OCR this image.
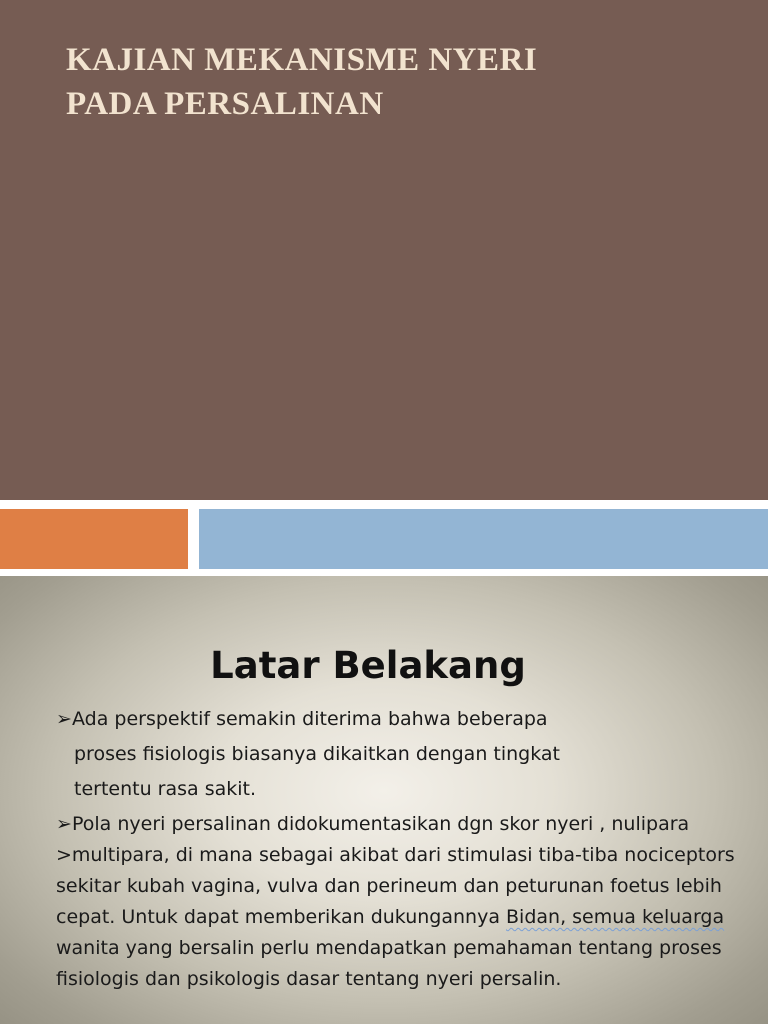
KAJIAN MEKANISME NYERI
PADA PERSALINAN
Latar Belakang
➢Ada perspektif semakin diterima bahwa beberapa
proses fisiologis biasanya dikaitkan dengan tingkat
tertentu rasa sakit.
➢Pola nyeri persalinan didokumentasikan dgn skor nyeri , nulipara >multipara, di mana sebagai akibat dari stimulasi tiba-tiba nociceptors sekitar kubah vagina, vulva dan perineum dan peturunan foetus lebih cepat. Untuk dapat memberikan dukungannya Bidan, semua keluarga wanita yang bersalin perlu mendapatkan pemahaman tentang proses fisiologis dan psikologis dasar tentang nyeri persalin.
